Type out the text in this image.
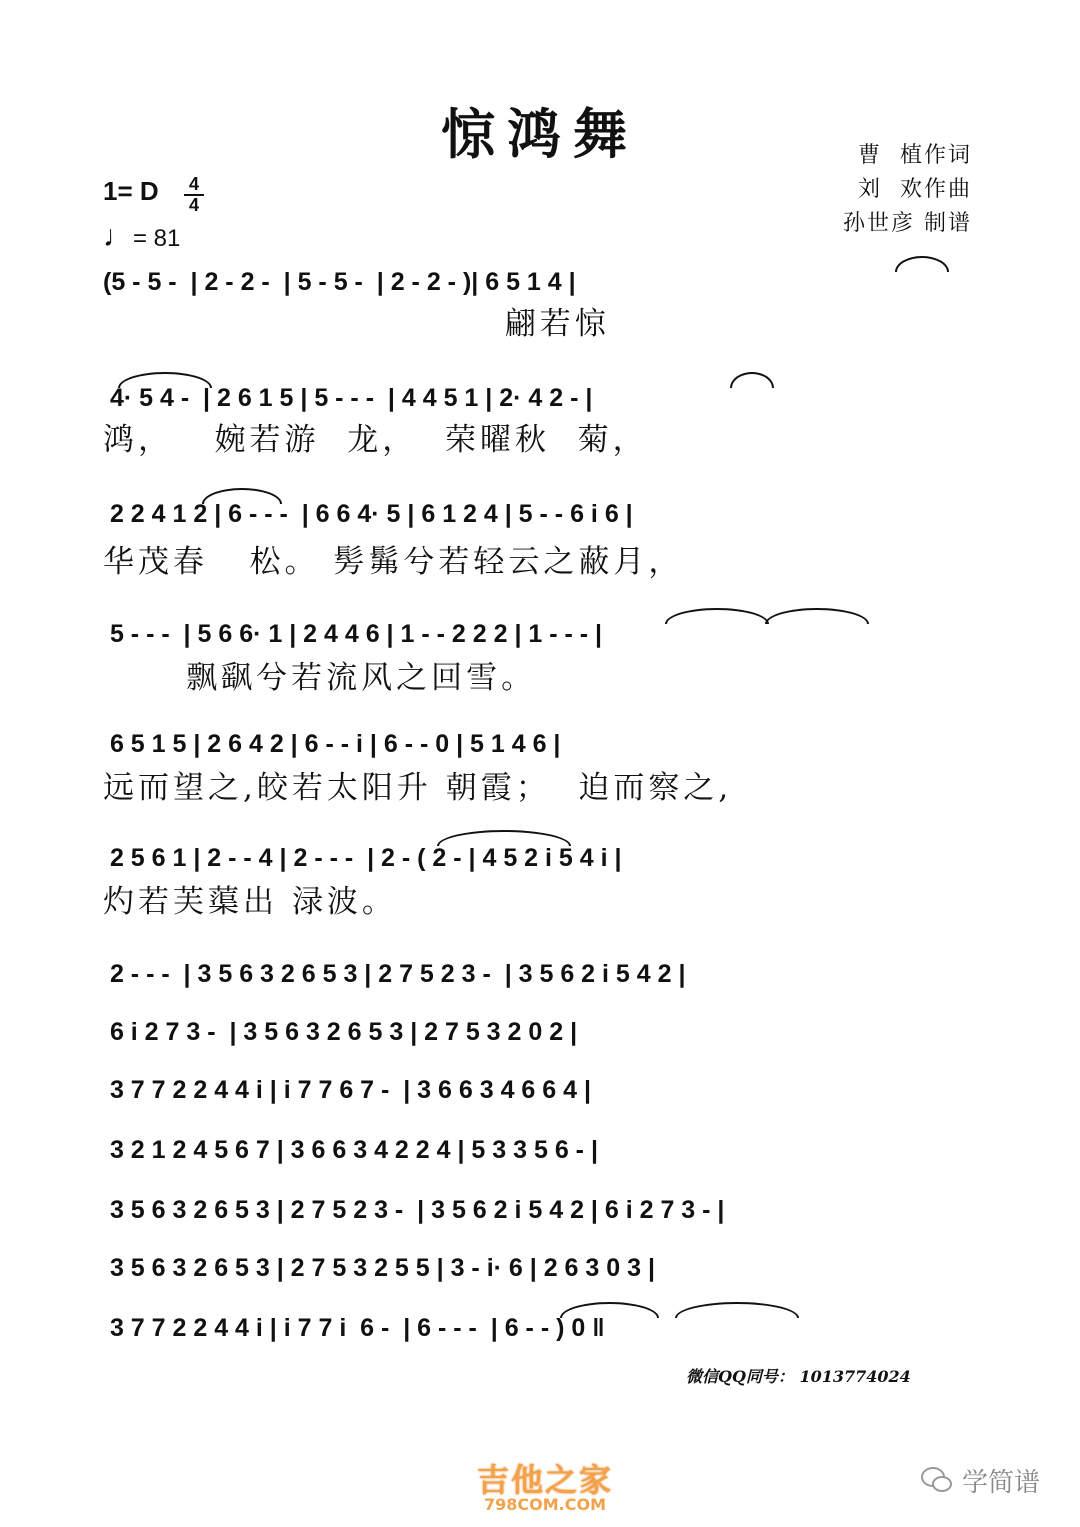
惊鸿舞	曹  植作词
刘  欢作曲
孙世彦 制谱
1= D 4
4
♩= 81
(5 - 5 -  | 2 - 2 -  | 5 - 5 -  | 2 - 2 - )| 6 5 1 4 |
翩若惊
4· 5 4 -  | 2 6 1 5 | 5 - - -  | 4 4 5 1 | 2· 4 2 - |
鸿，   婉若游  龙，  荣曜秋  菊，
2 2 4 1 2 | 6 - - -  | 6 6 4· 5 | 6 1 2 4 | 5 - - 6 i 6 |
华茂春   松。 髣髴兮若轻云之蔽月，
5 - - -  | 5 6 6· 1 | 2 4 4 6 | 1 - - 2 2 2 | 1 - - - |
飘飖兮若流风之回雪。
6 5 1 5 | 2 6 4 2 | 6 - - i | 6 - - 0 | 5 1 4 6 |
远而望之,皎若太阳升 朝霞；  迫而察之,
2 5 6 1 | 2 - - 4 | 2 - - -  | 2 - ( 2 - | 4 5 2 i 5 4 i |
灼若芙蕖出 渌波。
2 - - -  | 3 5 6 3 2 6 5 3 | 2 7 5 2 3 -  | 3 5 6 2 i 5 4 2 |
6 i 2 7 3 -  | 3 5 6 3 2 6 5 3 | 2 7 5 3 2 0 2 |
3 7 7 2 2 4 4 i | i 7 7 6 7 -  | 3 6 6 3 4 6 6 4 |
3 2 1 2 4 5 6 7 | 3 6 6 3 4 2 2 4 | 5 3 3 5 6 - |
3 5 6 3 2 6 5 3 | 2 7 5 2 3 -  | 3 5 6 2 i 5 4 2 | 6 i 2 7 3 - |
3 5 6 3 2 6 5 3 | 2 7 5 3 2 5 5 | 3 - i· 6 | 2 6 3 0 3 |
3 7 7 2 2 4 4 i | i 7 7 i  6 -  | 6 - - -  | 6 - - ) 0 ‖
微信QQ同号： 1013774024
吉他之家
798COM.COM
学简谱
